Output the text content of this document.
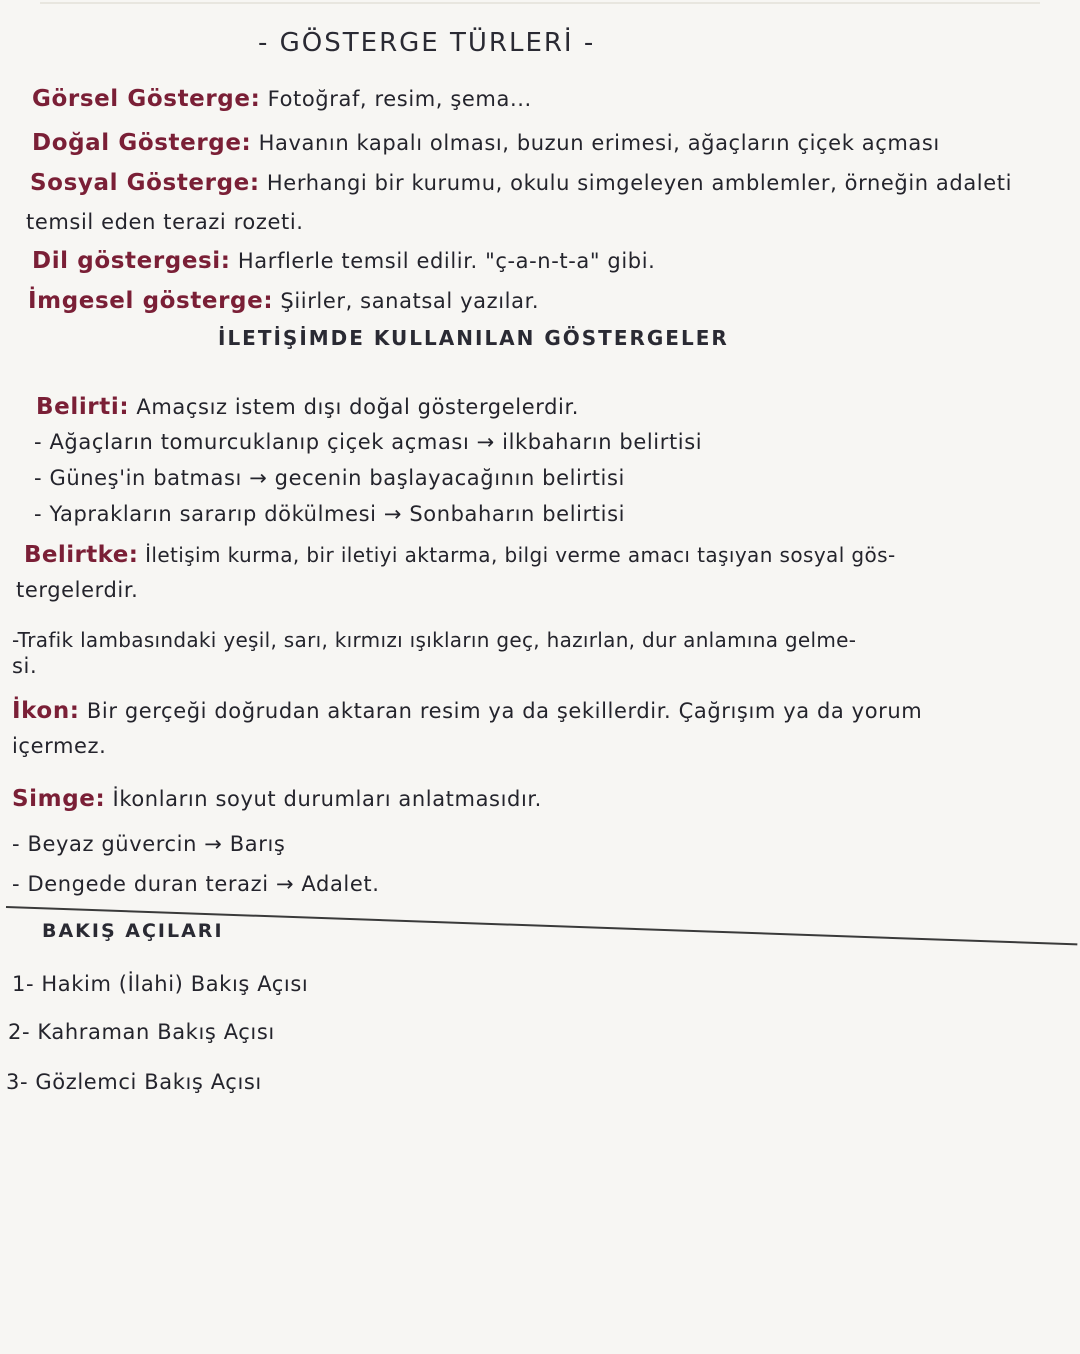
- GÖSTERGE TÜRLERİ -
Görsel Gösterge: Fotoğraf, resim, şema...
Doğal Gösterge: Havanın kapalı olması, buzun erimesi, ağaçların çiçek açması
Sosyal Gösterge: Herhangi bir kurumu, okulu simgeleyen amblemler, örneğin adaleti
temsil eden terazi rozeti.
Dil göstergesi: Harflerle temsil edilir. "ç-a-n-t-a" gibi.
İmgesel gösterge: Şiirler, sanatsal yazılar.
İLETİŞİMDE KULLANILAN GÖSTERGELER
Belirti: Amaçsız istem dışı doğal göstergelerdir.
- Ağaçların tomurcuklanıp çiçek açması → ilkbaharın belirtisi
- Güneş'in batması → gecenin başlayacağının belirtisi
- Yaprakların sararıp dökülmesi → Sonbaharın belirtisi
Belirtke: İletişim kurma, bir iletiyi aktarma, bilgi verme amacı taşıyan sosyal gös-
tergelerdir.
-Trafik lambasındaki yeşil, sarı, kırmızı ışıkların geç, hazırlan, dur anlamına gelme-
si.
İkon: Bir gerçeği doğrudan aktaran resim ya da şekillerdir. Çağrışım ya da yorum
içermez.
Simge: İkonların soyut durumları anlatmasıdır.
- Beyaz güvercin → Barış
- Dengede duran terazi → Adalet.
BAKIŞ AÇILARI
1- Hakim (İlahi) Bakış Açısı
2- Kahraman Bakış Açısı
3- Gözlemci Bakış Açısı
